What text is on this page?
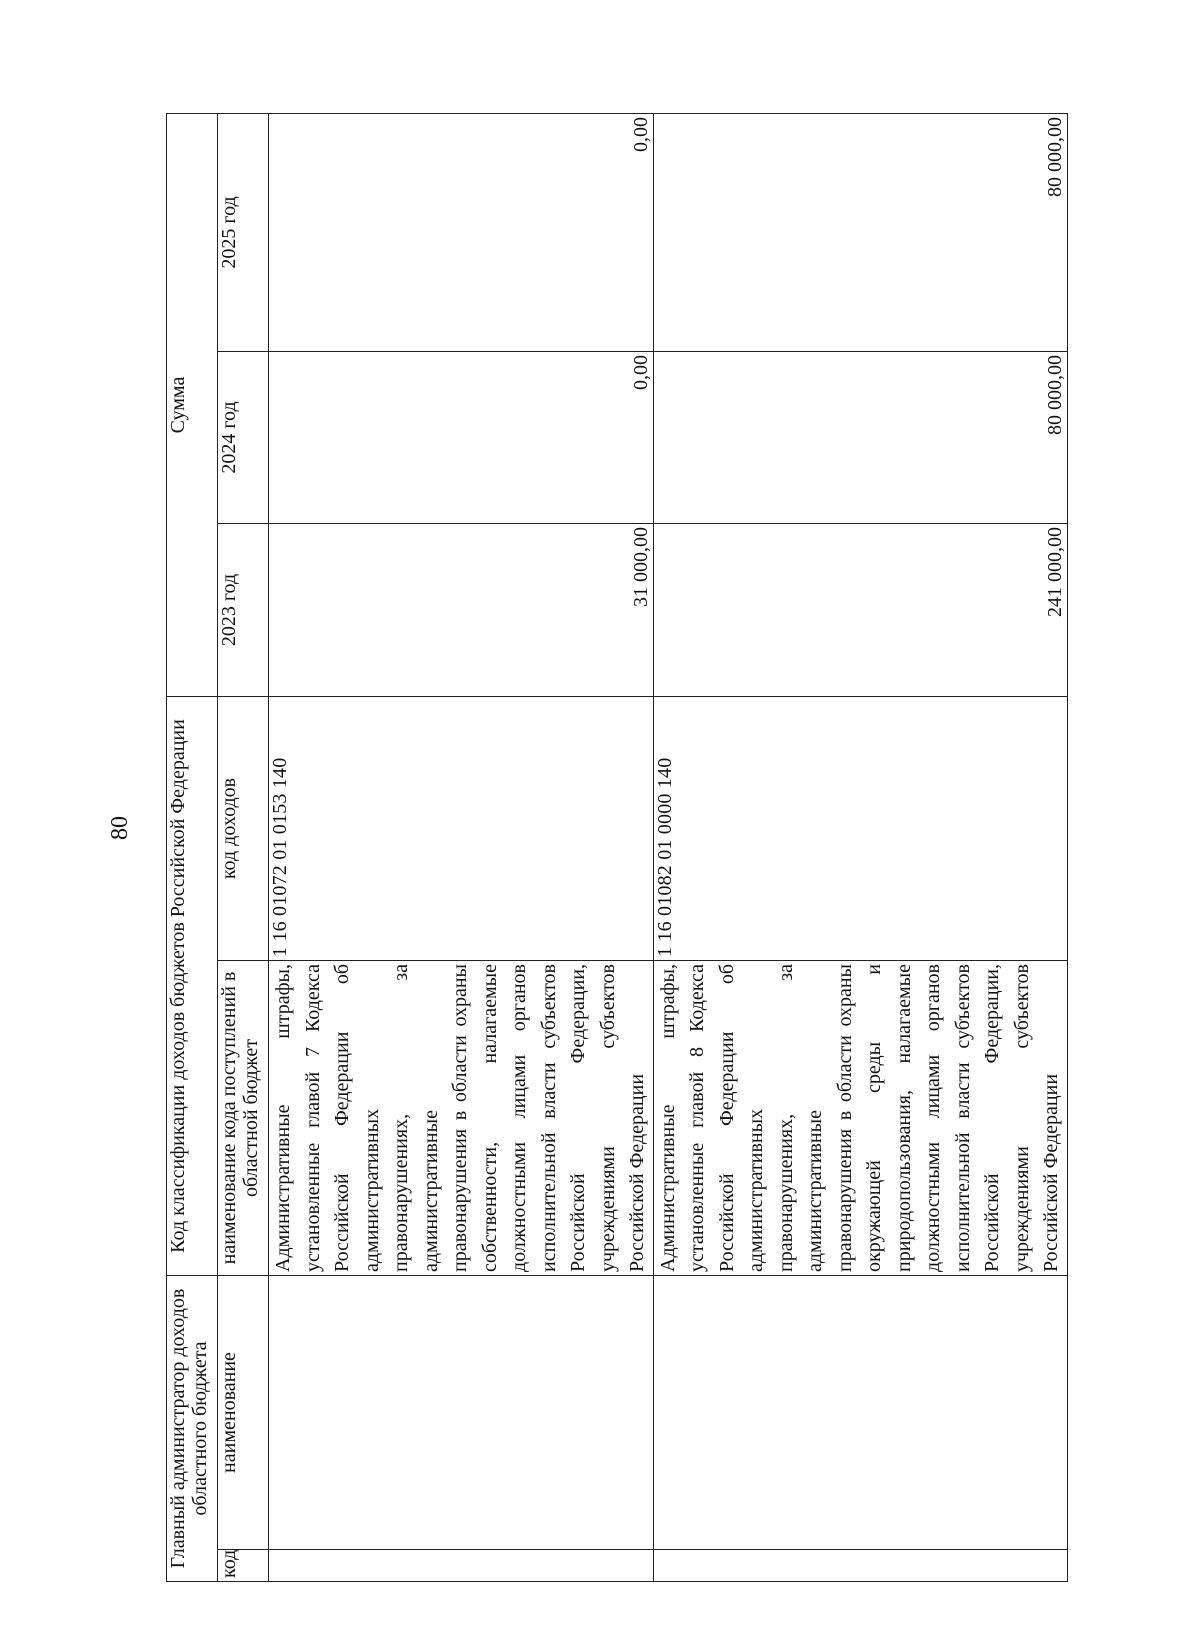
80
Главный администратор доходов областного бюджета		Код классификации доходов бюджетов Российской Федерации		Сумма		
код	наименование	наименование кода поступлений в областной бюджет	код доходов	2023 год	2024 год	2025 год
		Административные штрафы, установленные главой 7 Кодекса Российской Федерации об административных правонарушениях, за административные правонарушения в области охраны собственности, налагаемые должностными лицами органов исполнительной власти субъектов Российской Федерации, учреждениями субъектов Российской Федерации	1 16 01072 01 0153 140	31 000,00	0,00	0,00
		Административные штрафы, установленные главой 8 Кодекса Российской Федерации об административных правонарушениях, за административные правонарушения в области охраны окружающей среды и природопользования, налагаемые должностными лицами органов исполнительной власти субъектов Российской Федерации, учреждениями субъектов Российской Федерации	1 16 01082 01 0000 140	241 000,00	80 000,00	80 000,00
